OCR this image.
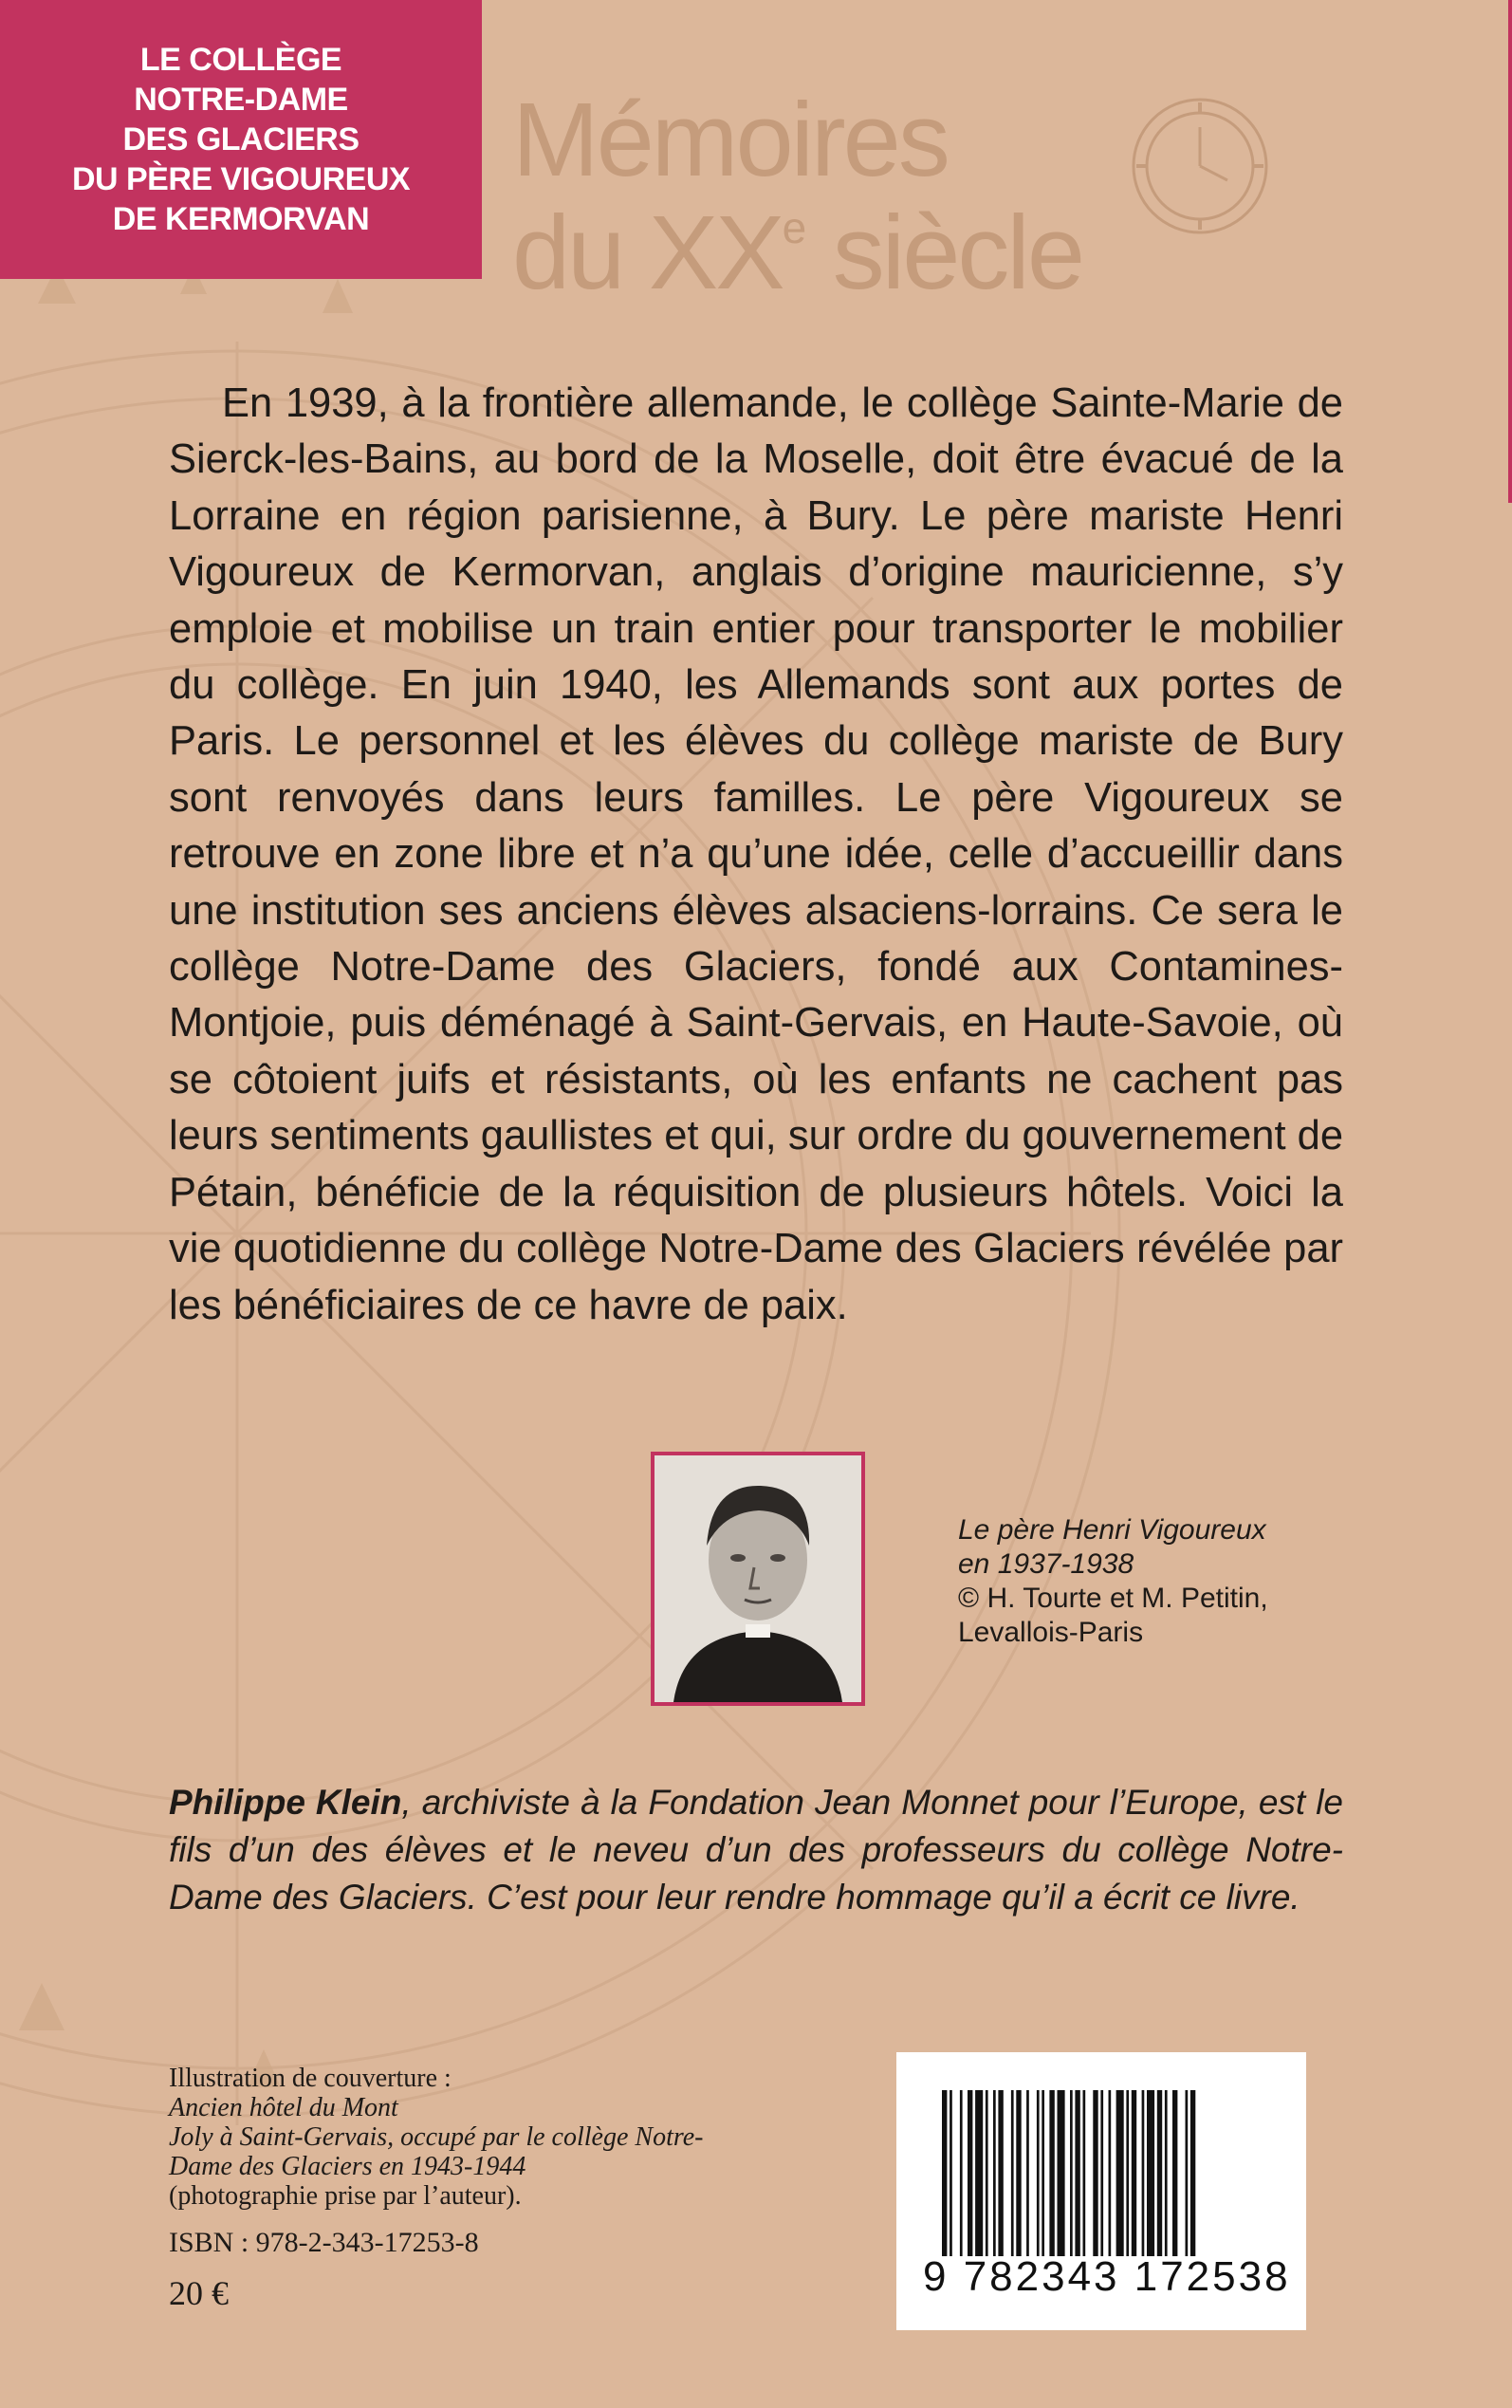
LE COLLÈGE
NOTRE-DAME
DES GLACIERS
DU PÈRE VIGOUREUX
DE KERMORVAN
Mémoires
du XXe siècle

En 1939, à la frontière allemande, le collège Sainte-Marie de Sierck-les-Bains, au bord de la Moselle, doit être évacué de la Lorraine en région parisienne, à Bury. Le père mariste Henri Vigoureux de Kermorvan, anglais d’origine mauricienne, s’y emploie et mobilise un train entier pour transporter le mobilier du collège. En juin 1940, les Allemands sont aux portes de Paris. Le personnel et les élèves du collège mariste de Bury sont renvoyés dans leurs familles. Le père Vigoureux se retrouve en zone libre et n’a qu’une idée, celle d’accueillir dans une institution ses anciens élèves alsaciens-lorrains. Ce sera le collège Notre-Dame des Glaciers, fondé aux Contamines-Montjoie, puis déménagé à Saint-Gervais, en Haute-Savoie, où se côtoient juifs et résistants, où les enfants ne cachent pas leurs sentiments gaullistes et qui, sur ordre du gouvernement de Pétain, bénéficie de la réquisition de plusieurs hôtels. Voici la vie quotidienne du collège Notre-Dame des Glaciers révélée par les bénéficiaires de ce havre de paix.

Le père Henri Vigoureux
en 1937-1938
© H. Tourte et M. Petitin,
Levallois-Paris

Philippe Klein, archiviste à la Fondation Jean Monnet pour l’Europe, est le fils d’un des élèves et le neveu d’un des professeurs du collège Notre-Dame des Glaciers. C’est pour leur rendre hommage qu’il a écrit ce livre.

Illustration de couverture :
Ancien hôtel du Mont
Joly à Saint-Gervais, occupé par le collège Notre-
Dame des Glaciers en 1943-1944
(photographie prise par l’auteur).
ISBN : 978-2-343-17253-8
20 €	9 782343 172538
